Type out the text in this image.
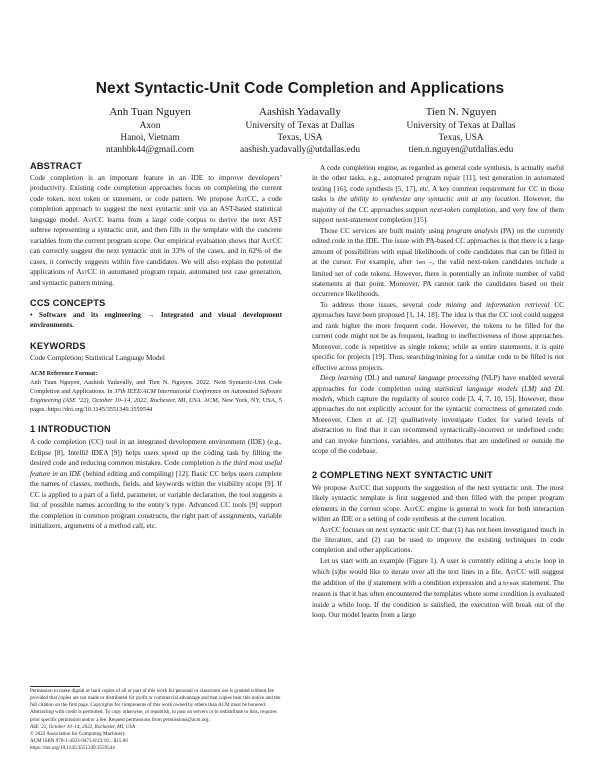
Next Syntactic-Unit Code Completion and Applications
Anh Tuan Nguyen
Axon
Hanoi, Vietnam
ntanhbk44@gmail.com
Aashish Yadavally
University of Texas at Dallas
Texas, USA
aashish.yadavally@utdallas.edu
Tien N. Nguyen
University of Texas at Dallas
Texas, USA
tien.n.nguyen@utdallas.edu
ABSTRACT

Code completion is an important feature in an IDE to improve developers’ productivity. Existing code completion approaches focus on completing the current code token, next token or statement, or code pattern. We propose AstCC, a code completion approach to suggest the next syntactic unit via an AST-based statistical language model. AstCC learns from a large code corpus to derive the next AST subtree representing a syntactic unit, and then fills in the template with the concrete variables from the current program scope. Our empirical evaluation shows that AstCC can correctly suggest the next syntactic unit in 33% of the cases, and in 62% of the cases, it correctly suggests within five candidates. We will also explain the potential applications of AstCC in automated program repair, automated test case generation, and syntactic pattern mining.

CCS CONCEPTS

• Software and its engineering → Integrated and visual development environments.

KEYWORDS

Code Completion; Statistical Language Model

ACM Reference Format:

Anh Tuan Nguyen, Aashish Yadavally, and Tien N. Nguyen. 2022. Next Syntactic-Unit Code Completion and Applications. In 37th IEEE/ACM International Conference on Automated Software Engineering (ASE ’22), October 10–14, 2022, Rochester, MI, USA. ACM, New York, NY, USA, 5 pages. https://doi.org/10.1145/3551349.3559544

1 INTRODUCTION

A code completion (CC) tool in an integrated development environment (IDE) (e.g., Eclipse [8], IntelliJ IDEA [9]) helps users speed up the coding task by filling the desired code and reducing common mistakes. Code completion is the third most useful feature in an IDE (behind editing and compiling) [12]. Basic CC helps users complete the names of classes, methods, fields, and keywords within the visibility scope [9]. If CC is applied to a part of a field, parameter, or variable declaration, the tool suggests a list of possible names according to the entity’s type. Advanced CC tools [9] support the completion in common program constructs, the right part of assignments, variable initializers, arguments of a method call, etc.

Permission to make digital or hard copies of all or part of this work for personal or classroom use is granted without fee provided that copies are not made or distributed for profit or commercial advantage and that copies bear this notice and the full citation on the first page. Copyrights for components of this work owned by others than ACM must be honored. Abstracting with credit is permitted. To copy otherwise, or republish, to post on servers or to redistribute to lists, requires prior specific permission and/or a fee. Request permissions from permissions@acm.org.
ASE '22, October 10–14, 2022, Rochester, MI, USA
© 2022 Association for Computing Machinery.
ACM ISBN 978-1-4503-9475-8/22/10…$15.00
https://doi.org/10.1145/3551349.3559544

A code completion engine, as regarded as general code synthesis, is actually useful in the other tasks, e.g., automated program repair [11], test generation in automated testing [16], code synthesis [5, 17], etc. A key common requirement for CC in those tasks is the ability to synthesize any syntactic unit at any location. However, the majority of the CC approaches support next-token completion, and very few of them support next-statement completion [15].

Those CC services are built mainly using program analysis (PA) on the currently edited code in the IDE. The issue with PA-based CC approaches is that there is a large amount of possibilities with equal likelihoods of code candidates that can be filled in at the cursor. For example, after len –, the valid next-token candidates include a limited set of code tokens. However, there is potentially an infinite number of valid statements at that point. Moreover, PA cannot rank the candidates based on their occurrence likelihoods.

To address those issues, several code mining and information retrieval CC approaches have been proposed [1, 14, 18]. The idea is that the CC tool could suggest and rank higher the more frequent code. However, the tokens to be filled for the current code might not be as frequent, leading to ineffectiveness of those approaches. Moreover, code is repetitive as single tokens; while as entire statements, it is quite specific for projects [19]. Thus, searching/mining for a similar code to be filled is not effective across projects.

Deep learning (DL) and natural language processing (NLP) have enabled several approaches for code completion using statistical language models (LM) and DL models, which capture the regularity of source code [3, 4, 7, 10, 15]. However, these approaches do not explicitly account for the syntactic correctness of generated code. Moreover, Chen et al. [2] qualitatively investigate Codex for varied levels of abstraction to find that it can recommend syntactically-incorrect or undefined code; and can invoke functions, variables, and attributes that are undefined or outside the scope of the codebase.

2 COMPLETING NEXT SYNTACTIC UNIT

We propose AstCC that supports the suggestion of the next syntactic unit. The most likely syntactic template is first suggested and then filled with the proper program elements in the current scope. AstCC engine is general to work for both interaction within an IDE or a setting of code synthesis at the current location.

AstCC focuses on next syntactic unit CC that (1) has not been investigated much in the literature, and (2) can be used to improve the existing techniques in code completion and other applications.

Let us start with an example (Figure 1). A user is currently editing a while loop in which (s)he would like to iterate over all the text lines in a file. AstCC will suggest the addition of the if statement with a condition expression and a break statement. The reason is that it has often encountered the templates where some condition is evaluated inside a while loop. If the condition is satisfied, the execution will break out of the loop. Our model learns from a large
